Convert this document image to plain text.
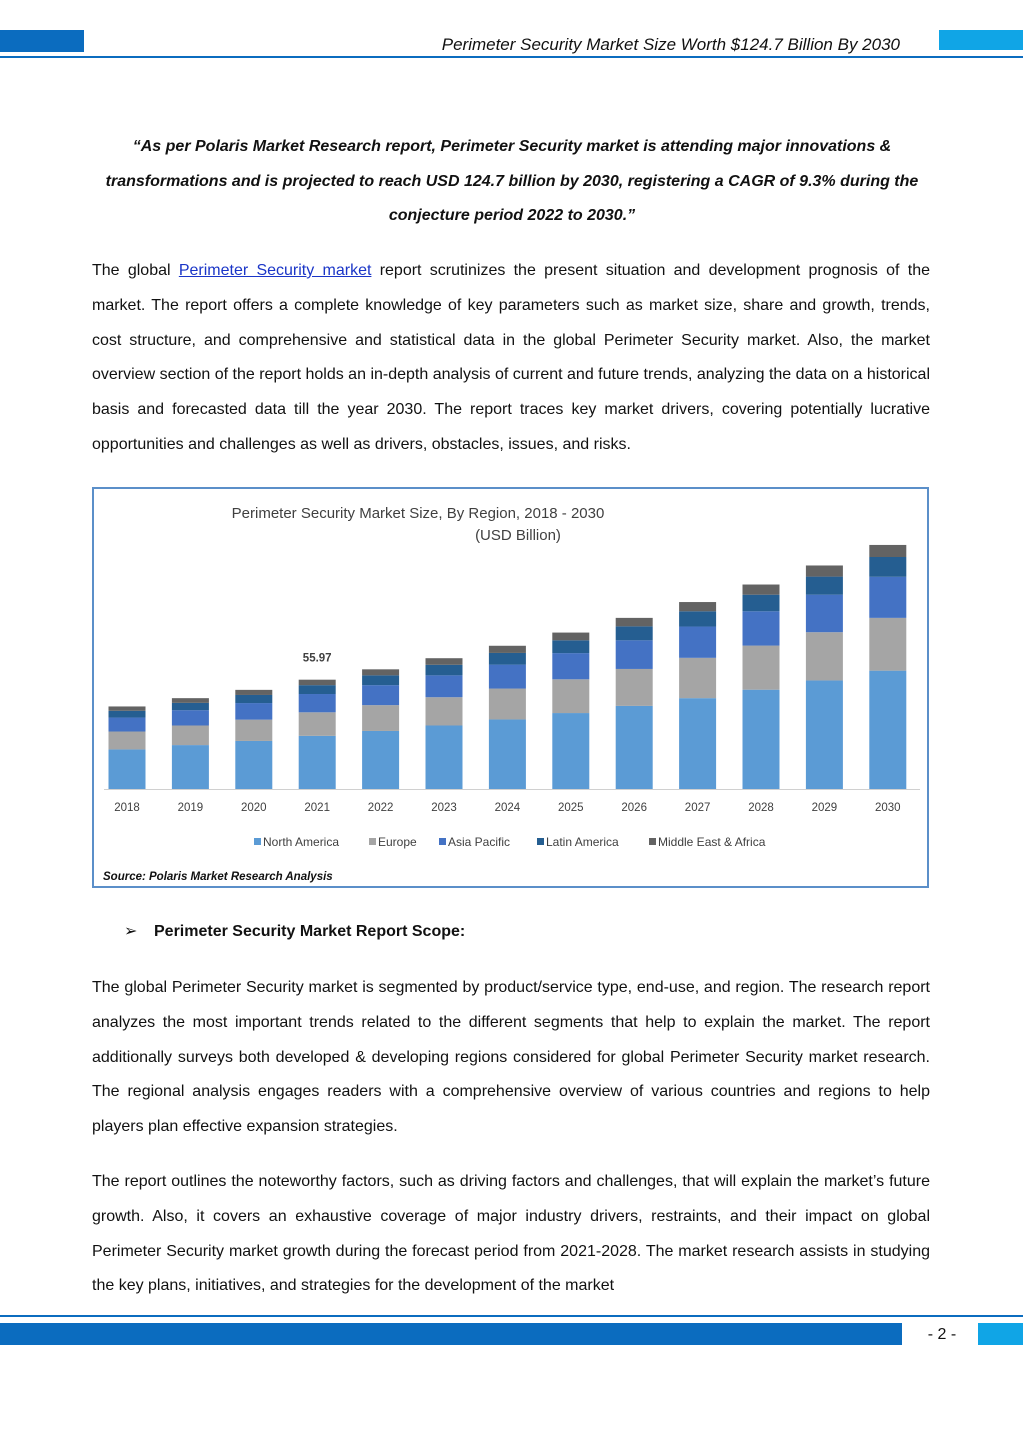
Perimeter Security Market Size Worth $124.7 Billion By 2030
“As per Polaris Market Research report, Perimeter Security market is attending major innovations & transformations and is projected to reach USD 124.7 billion by 2030, registering a CAGR of 9.3% during the conjecture period 2022 to 2030.”

The global Perimeter Security market report scrutinizes the present situation and development prognosis of the market. The report offers a complete knowledge of key parameters such as market size, share and growth, trends, cost structure, and comprehensive and statistical data in the global Perimeter Security market. Also, the market overview section of the report holds an in-depth analysis of current and future trends, analyzing the data on a historical basis and forecasted data till the year 2030. The report traces key market drivers, covering potentially lucrative opportunities and challenges as well as drivers, obstacles, issues, and risks.

Perimeter Security Market Size, By Region, 2018 - 2030
(USD Billion)
2018	2019	2020	2021	2022	2023	2024	2025	2026	2027	2028	2029	2030
55.97
North America	Europe	Asia Pacific	Latin America	Middle East & Africa
Source: Polaris Market Research Analysis
➢ Perimeter Security Market Report Scope:

The global Perimeter Security market is segmented by product/service type, end-use, and region. The research report analyzes the most important trends related to the different segments that help to explain the market. The report additionally surveys both developed & developing regions considered for global Perimeter Security market research. The regional analysis engages readers with a comprehensive overview of various countries and regions to help players plan effective expansion strategies.

The report outlines the noteworthy factors, such as driving factors and challenges, that will explain the market’s future growth. Also, it covers an exhaustive coverage of major industry drivers, restraints, and their impact on global Perimeter Security market growth during the forecast period from 2021-2028. The market research assists in studying the key plans, initiatives, and strategies for the development of the market

- 2 -
